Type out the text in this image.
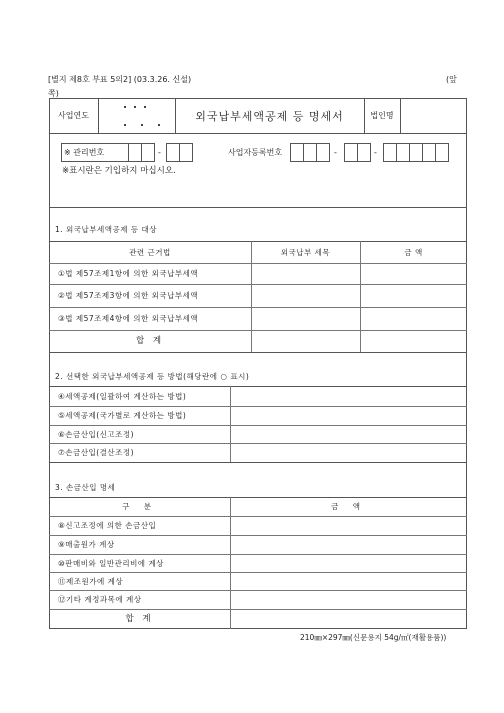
[별지 제8호 부표 5의2] (03.3.26. 신설)	(앞
쪽)
사업연도	외국납부세액공제 등 명세서	법인명
※ 관리번호	-	사업자등록번호	-	-
※표시란은 기입하지 마십시오.
1. 외국납부세액공제 등 대상
관련 근거법	외국납부 세목	금 액
①법 제57조제1항에 의한 외국납부세액
②법 제57조제3항에 의한 외국납부세액
③법 제57조제4항에 의한 외국납부세액
합 계
2. 선택한 외국납부세액공제 등 방법(해당란에 ○ 표시)
④세액공제(일괄하여 계산하는 방법)
⑤세액공제(국가별로 계산하는 방법)
⑥손금산입(신고조정)
⑦손금산입(결산조정)
3. 손금산입 명세
구 분	금 액
⑧신고조정에 의한 손금산입
⑨매출원가 계상
⑩판매비와 일반관리비에 계상
⑪제조원가에 계상
⑫기타 계정과목에 계상
합 계
210㎜×297㎜(신문용지 54g/㎡(재활용품))
